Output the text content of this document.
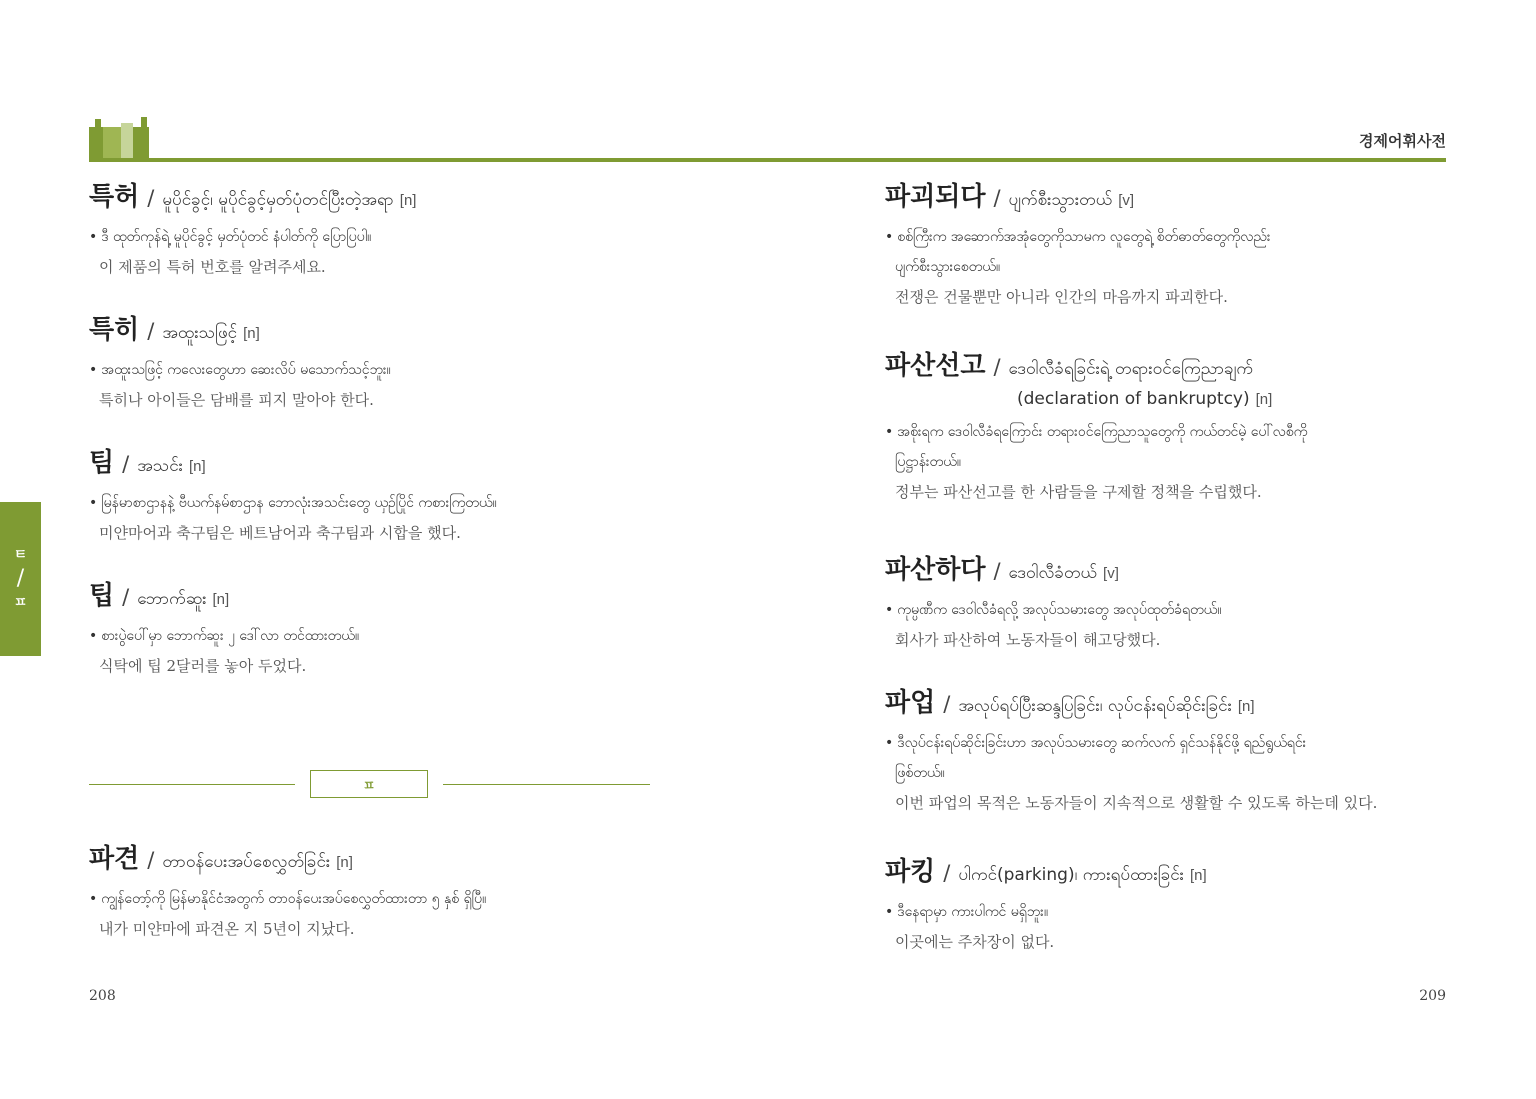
경제어휘사전
ㅌ
/
ㅍ
특허 / မူပိုင်ခွင့်၊ မူပိုင်ခွင့်မှတ်ပုံတင်ပြီးတဲ့အရာ [n]
• ဒီ ထုတ်ကုန်ရဲ့ မူပိုင်ခွင့် မှတ်ပုံတင် နံပါတ်ကို ပြောပြပါ။
이 제품의 특허 번호를 알려주세요.
특히 / အထူးသဖြင့် [n]
• အထူးသဖြင့် ကလေးတွေဟာ ဆေးလိပ် မသောက်သင့်ဘူး။
특히나 아이들은 담배를 피지 말아야 한다.
팀 / အသင်း [n]
• မြန်မာစာဌာနနဲ့ ဗီယက်နမ်စာဌာန ဘောလုံးအသင်းတွေ ယှဉ်ပြိုင် ကစားကြတယ်။
미얀마어과 축구팀은 베트남어과 축구팀과 시합을 했다.
팁 / ဘောက်ဆူး [n]
• စားပွဲပေါ်မှာ ဘောက်ဆူး ၂ ဒေါ်လာ တင်ထားတယ်။
식탁에 팁 2달러를 놓아 두었다.
파견 / တာဝန်ပေးအပ်စေလွှတ်ခြင်း [n]
• ကျွန်တော့်ကို မြန်မာနိုင်ငံအတွက် တာဝန်ပေးအပ်စေလွှတ်ထားတာ ၅ နှစ် ရှိပြီ။
내가 미얀마에 파견온 지 5년이 지났다.
ㅍ
파괴되다 / ပျက်စီးသွားတယ် [v]
• စစ်ကြီးက အဆောက်အအုံတွေကိုသာမက လူတွေရဲ့ စိတ်ဓာတ်တွေကိုလည်း
ပျက်စီးသွားစေတယ်။
전쟁은 건물뿐만 아니라 인간의 마음까지 파괴한다.
파산선고 / ဒေဝါလီခံရခြင်းရဲ့ တရားဝင်ကြေညာချက်
(declaration of bankruptcy) [n]
• အစိုးရက ဒေဝါလီခံရကြောင်း တရားဝင်ကြေညာသူတွေကို ကယ်တင်မဲ့ ပေါ်လစီကို
ပြဋ္ဌာန်းတယ်။
정부는 파산선고를 한 사람들을 구제할 정책을 수립했다.
파산하다 / ဒေဝါလီခံတယ် [v]
• ကုမ္ပဏီက ဒေဝါလီခံရလို့ အလုပ်သမားတွေ အလုပ်ထုတ်ခံရတယ်။
회사가 파산하여 노동자들이 해고당했다.
파업 / အလုပ်ရပ်ပြီးဆန္ဒပြခြင်း၊ လုပ်ငန်းရပ်ဆိုင်းခြင်း [n]
• ဒီလုပ်ငန်းရပ်ဆိုင်းခြင်းဟာ အလုပ်သမားတွေ ဆက်လက် ရှင်သန်နိုင်ဖို့ ရည်ရွယ်ရင်း
ဖြစ်တယ်။
이번 파업의 목적은 노동자들이 지속적으로 생활할 수 있도록 하는데 있다.
파킹 / ပါကင်(parking)၊ ကားရပ်ထားခြင်း [n]
• ဒီနေရာမှာ ကားပါကင် မရှိဘူး။
이곳에는 주차장이 없다.
208	209
